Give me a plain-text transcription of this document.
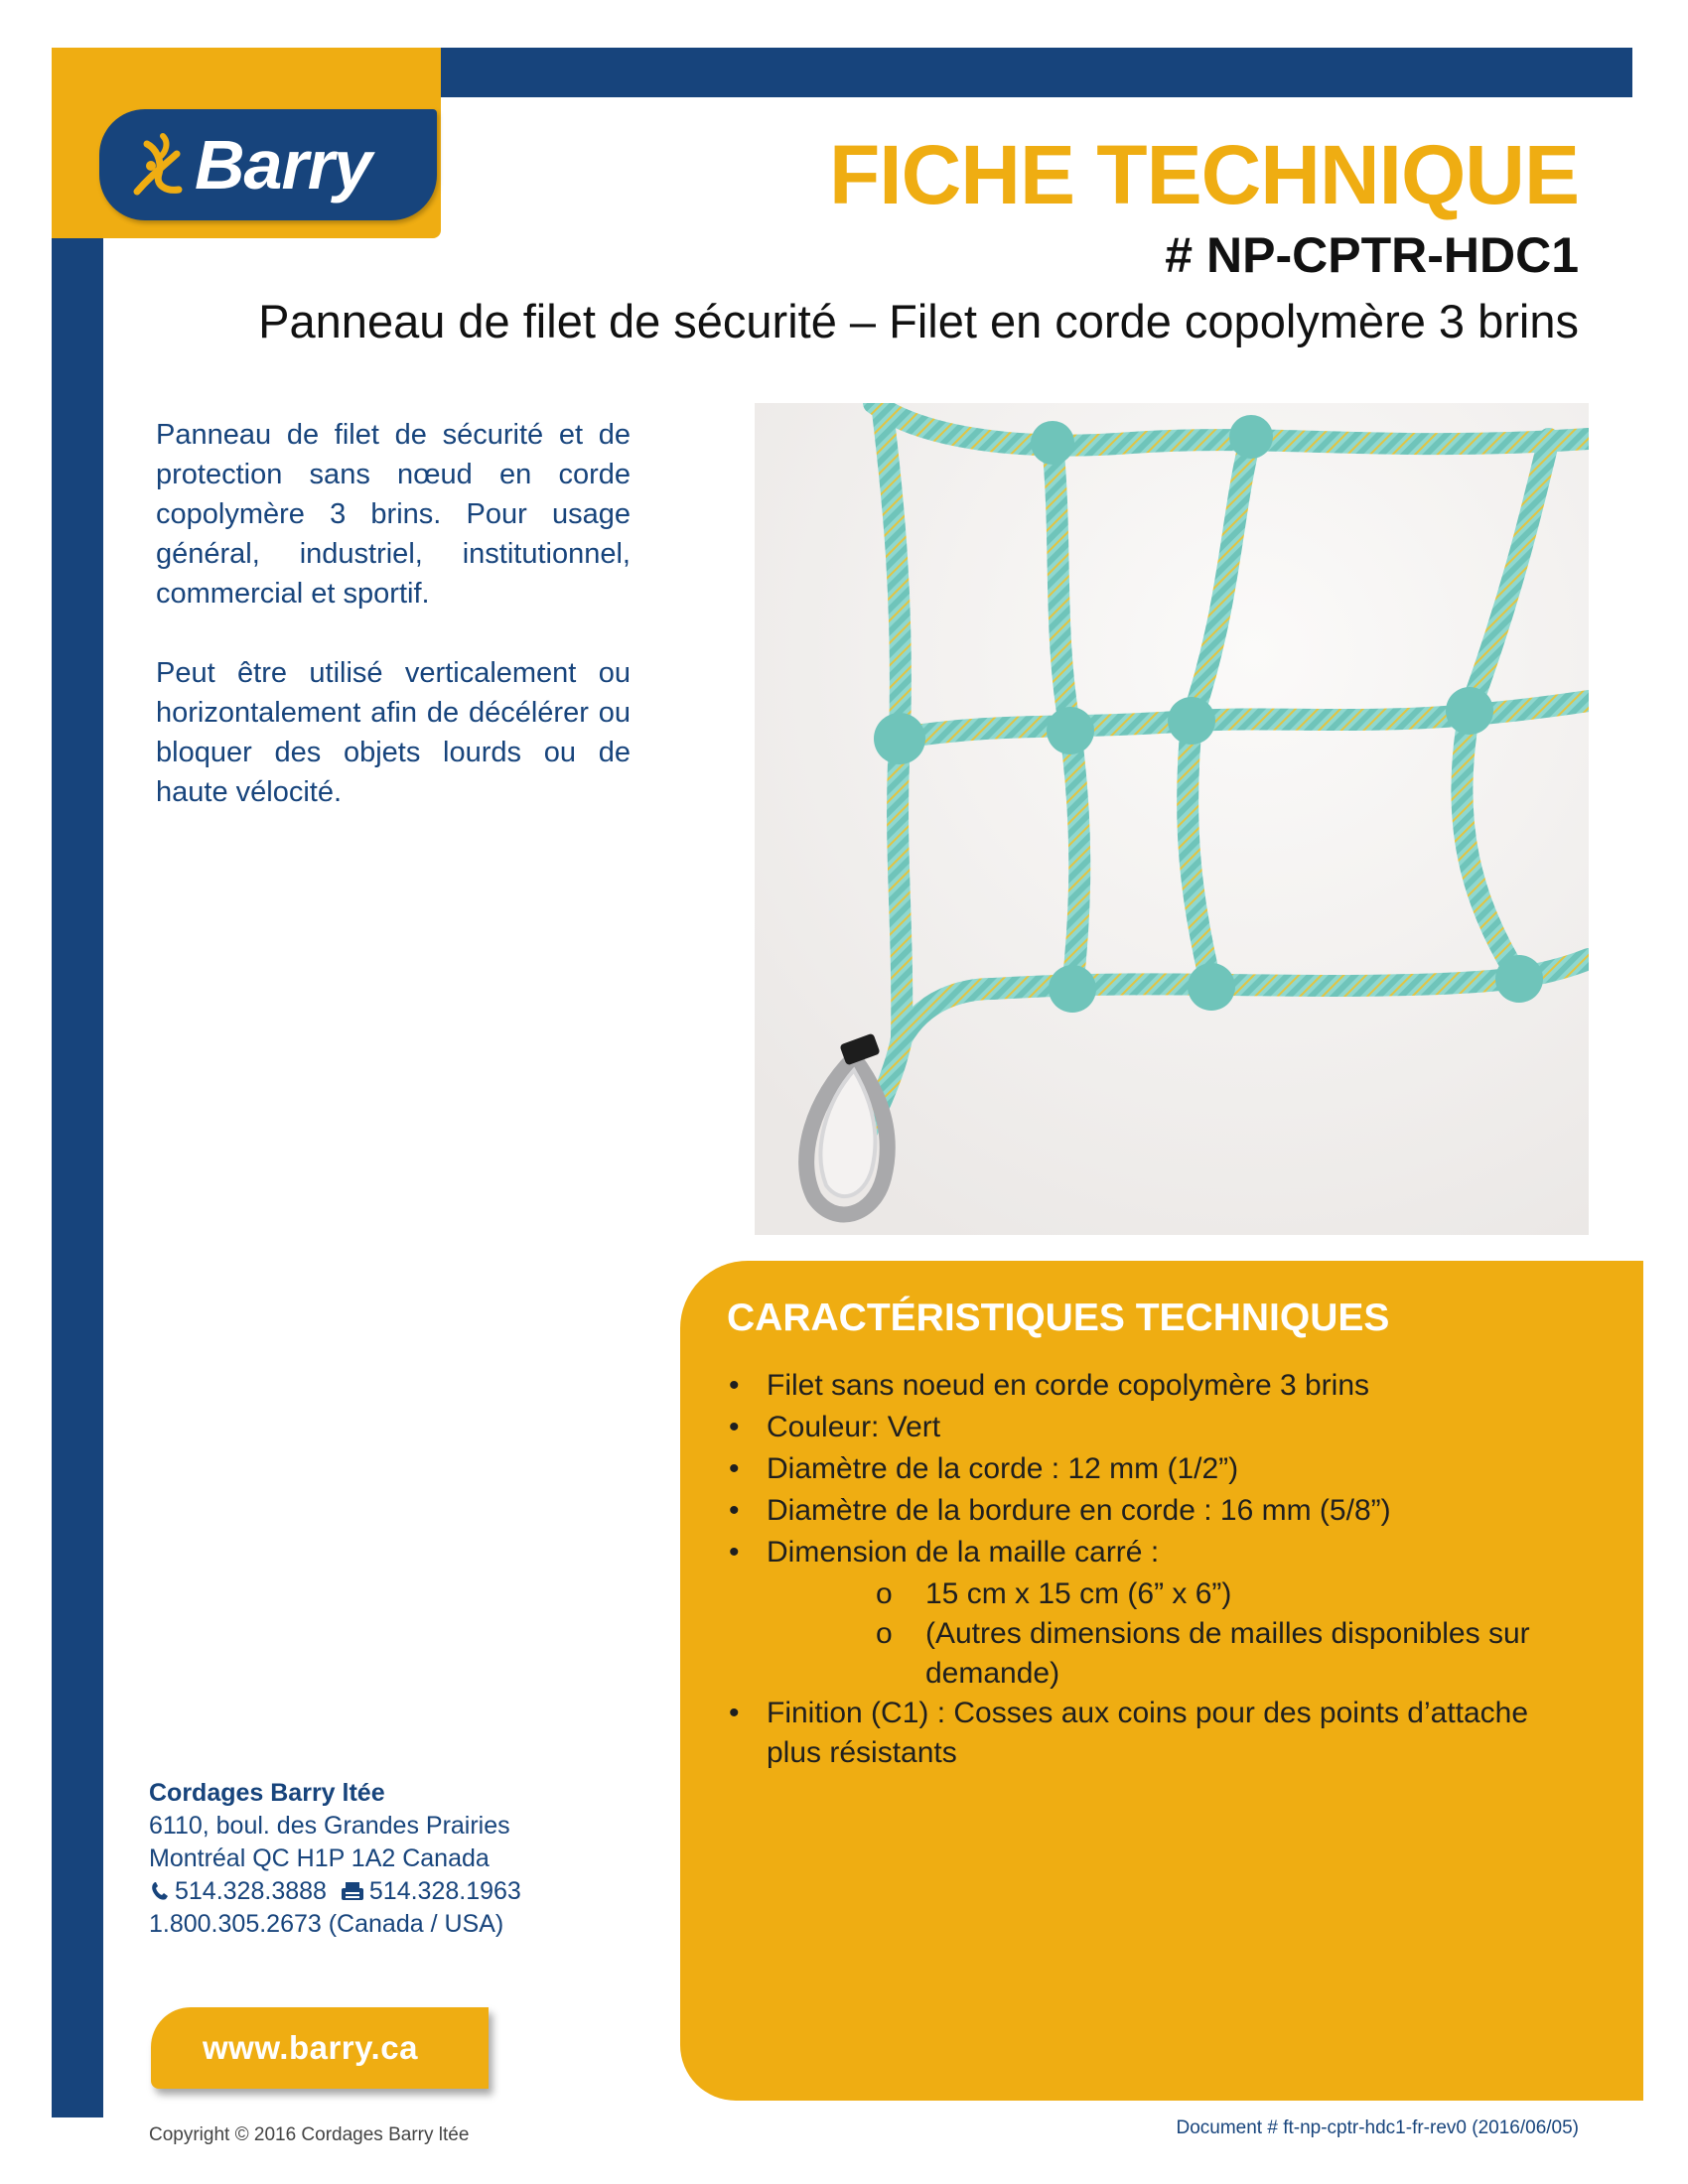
Barry	FICHE TECHNIQUE
# NP-CPTR-HDC1
Panneau de filet de sécurité – Filet en corde copolymère 3 brins

Panneau de filet de sécurité et de protection sans nœud en corde copolymère 3 brins. Pour usage général, industriel, institutionnel, commercial et sportif.

Peut être utilisé verticalement ou horizontalement afin de décélérer ou bloquer des objets lourds ou de haute vélocité.

CARACTÉRISTIQUES TECHNIQUES
• Filet sans noeud en corde copolymère 3 brins
• Couleur: Vert
• Diamètre de la corde : 12 mm (1/2”)
• Diamètre de la bordure en corde : 16 mm (5/8”)
• Dimension de la maille carré :
o 15 cm x 15 cm (6” x 6”)
o (Autres dimensions de mailles disponibles sur demande)
• Finition (C1) : Cosses aux coins pour des points d’attache plus résistants
Cordages Barry ltée
6110, boul. des Grandes Prairies
Montréal QC H1P 1A2 Canada
514.328.3888 514.328.1963
1.800.305.2673 (Canada / USA)
www.barry.ca
Copyright © 2016 Cordages Barry ltée	Document # ft-np-cptr-hdc1-fr-rev0 (2016/06/05)
